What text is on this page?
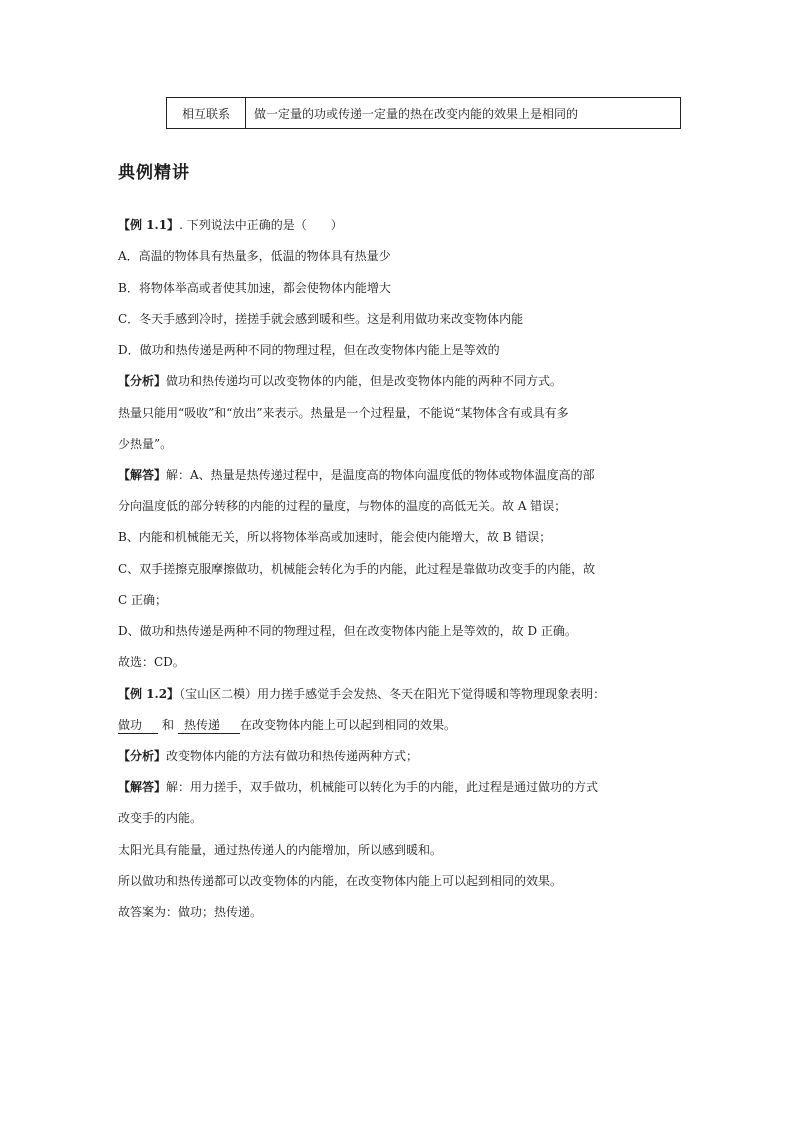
相互联系	做一定量的功或传递一定量的热在改变内能的效果上是相同的
典例精讲
【例 1.1】. 下列说法中正确的是（　　）
A．高温的物体具有热量多，低温的物体具有热量少
B．将物体举高或者使其加速，都会使物体内能增大
C．冬天手感到冷时，搓搓手就会感到暖和些。这是利用做功来改变物体内能
D．做功和热传递是两种不同的物理过程，但在改变物体内能上是等效的
【分析】做功和热传递均可以改变物体的内能，但是改变物体内能的两种不同方式。
热量只能用“吸收”和“放出”来表示。热量是一个过程量，不能说“某物体含有或具有多
少热量”。
【解答】解：A、热量是热传递过程中，是温度高的物体向温度低的物体或物体温度高的部
分向温度低的部分转移的内能的过程的量度，与物体的温度的高低无关。故 A 错误；
B、内能和机械能无关，所以将物体举高或加速时，能会使内能增大，故 B 错误；
C、双手搓擦克服摩擦做功，机械能会转化为手的内能，此过程是靠做功改变手的内能，故
C 正确；
D、做功和热传递是两种不同的物理过程，但在改变物体内能上是等效的，故 D 正确。
故选：CD。
【例 1.2】（宝山区二模）用力搓手感觉手会发热、冬天在阳光下觉得暖和等物理现象表明：
做功 和 热传递 在改变物体内能上可以起到相同的效果。
【分析】改变物体内能的方法有做功和热传递两种方式；
【解答】解：用力搓手，双手做功，机械能可以转化为手的内能，此过程是通过做功的方式
改变手的内能。
太阳光具有能量，通过热传递人的内能增加，所以感到暖和。
所以做功和热传递都可以改变物体的内能，在改变物体内能上可以起到相同的效果。
故答案为：做功；热传递。
